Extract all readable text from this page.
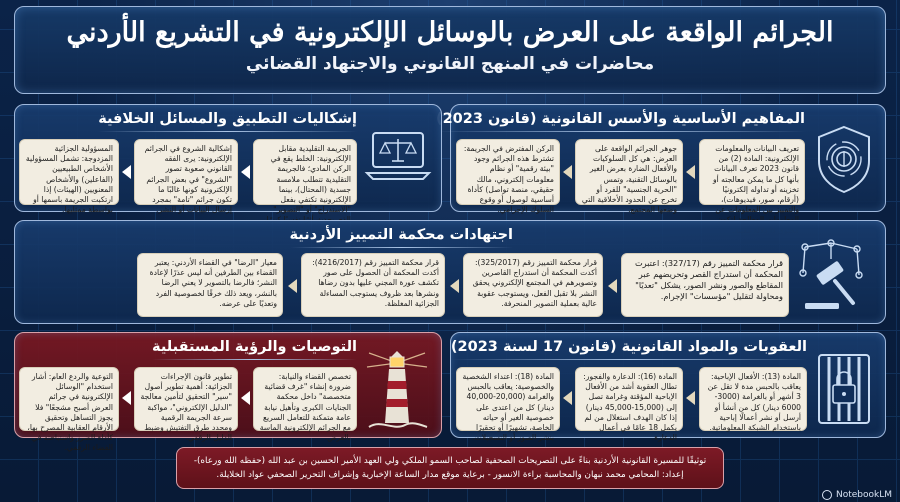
الجرائم الواقعة على العرض بالوسائل الإلكترونية في التشريع الأردني
محاضرات في المنهج القانوني والاجتهاد القضائي
المفاهيم الأساسية والأسس القانونية (قانون 2023
تعريف البيانات والمعلومات الإلكترونية: المادة (2) من قانون 2023 تعرف البيانات بأنها كل ما يمكن معالجته أو تخزينه أو تداوله إلكترونيًا (أرقام، صور، فيديوهات)، والتمييز بين المعلومات عن
جوهر الجرائم الواقعة على العرض: هي كل السلوكيات والأفعال الضارة بعرض الغير بالوسائل التقنية، وتمس "الحرية الجنسية" للفرد أو تخرج عن الحدود الأخلاقية التي وضعها المجتمع.
الركن المفترض في الجريمة: تشترط هذه الجرائم وجود "بيئة رقمية" أو نظام معلومات إلكتروني، مالك حقيقي، منصة تواصل) كأداة أساسية لوصول أو وقوع السلوك الإجرامي.
إشكاليات التطبيق والمسائل الخلافية
الجريمة التقليدية مقابل الإلكترونية: الخلط يقع في الركن المادي؛ فالجريمة التقليدية تتطلب ملامسة جسدية (المحتال)، بينما الإلكترونية تكتفي بفعل "الاستدراج" أو "التصوير"
إشكالية الشروع في الجرائم الإلكترونية: يرى الفقه القانوني صعوبة تصور "الشروع" في بعض الجرائم الإلكترونية كونها غالبًا ما تكون جرائم "تامة" بمجرد إرسال البيانات أو النشر.
المسؤولية الجزائية المزدوجة: تشمل المسؤولية الأشخاص الطبيعيين (الفاعلين) والأشخاص المعنويين (الهيئات) إذا ارتكبت الجريمة باسمها أو بواسطة ممثليها.
اجتهادات محكمة التمييز الأردنية
قرار محكمة التمييز رقم (327/17): اعتبرت المحكمة أن استدراج القصر وتحريضهم عبر المقاطع والصور ونشر الصور، يشكل "تعديًا" ومحاولة لتقليل "مؤسسات" الإجرام.
قرار محكمة التمييز رقم (325/2017): أكدت المحكمة أن استدراج القاصرين وتصويرهم في المجتمع الإلكتروني يحقق النشر بلا تقبل الفعل، ويستوجب عقوبة عالية بعملية التصوير المنحرفة.
قرار محكمة التمييز رقم (4216/2017): أكدت المحكمة أن الحصول على صور تكشف عورة المجني عليها بدون رضاها ونشرها بعد ظروف يستوجب المساءلة الجزائية المغلظة.
معيار "الرضا" في القضاء الأردني: يعتبر القضاء بين الطرفين أنه ليس عذرًا لإعادة النشر؛ فالرضا بالتصوير لا يعني الرضا بالنشر، ويعد ذلك خرقًا لخصوصية الفرد وتعديًا على عرضه.
العقوبات والمواد القانونية (قانون 17 لسنة 2023)
المادة (13): الأفعال الإباحية: يعاقب بالحبس مدة لا تقل عن 3 أشهر أو بالغرامة (3000-6000 دينار) كل من أنشأ أو أرسل أو نشر أعمالًا إباحية باستخدام الشبكة المعلوماتية.
المادة (16): الدعارة والفجور: تطال العقوبة أشد من الأفعال الإباحية المؤقتة وغرامة تصل إلى (15,000-45,000 دينار) إذا كان الهدف استغلال من لم يكمل 18 عامًا في أعمال الدعارة.
المادة (18): اعتداء الشخصية والخصوصية: يعاقب بالحبس والغرامة (20,000-40,000 دينار) كل من اعتدى على خصوصية الغير أو حياته الخاصة، تشهيرًا أو تحقيرًا بنشر الصور أو التسجيلات.
التوصيات والرؤية المستقبلية
تخصص القضاء والنيابة: ضرورة إنشاء "غرف قضائية متخصصة" داخل محكمة الجنايات الكبرى وتأهيل نيابة عامة متمكنة للتعامل السريع مع الجرائم الإلكترونية الماسة بالعرض.
تطوير قانون الإجراءات الجزائية: أهمية تطوير أصول "سير" التحقيق لتأمين معالجة "الدليل الإلكتروني"، مواكبة سرعة الجريمة الرقمية ومحدد طرق التفتيش وضبط الدليل الرقمي.
التوعية والردع العام: أشار استخدام "الوسائل الإلكترونية في جرائم العرض أصبح مشجعًا" فلا يجوز التساهل وتحقيق الأرقام العقابية المصرح بها، كأداة الضرر واستباحته في الفضاء الرقمي.
توثيقًا للمسيرة القانونية الأردنية بناءً على التصريحات الصحفية لصاحب السمو الملكي ولي العهد الأمير الحسين بن عبد الله (حفظه الله ورعاه)-
إعداد: المحامي محمد نبهان والمحاسبة براءة الانسور - برعاية موقع مدار الساعة الإخبارية وإشراف التحرير الصحفي عواد الخلايلة.
NotebookLM
